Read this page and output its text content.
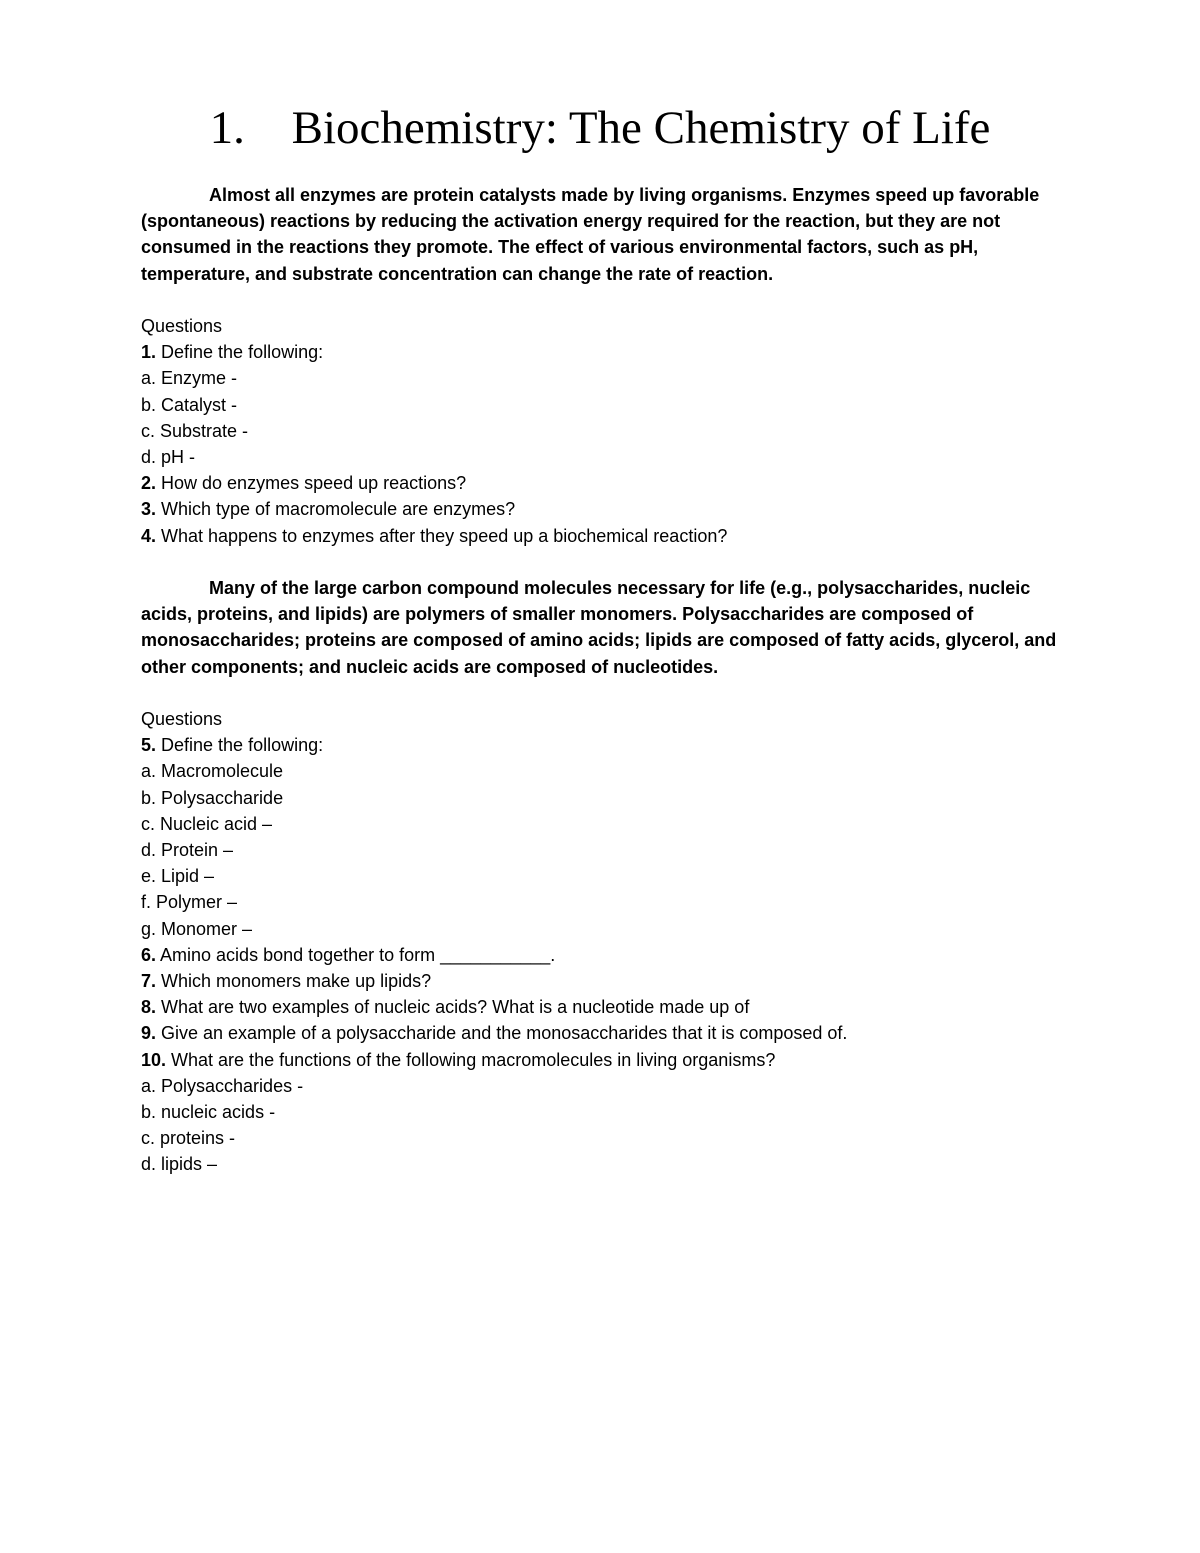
1. Biochemistry: The Chemistry of Life

Almost all enzymes are protein catalysts made by living organisms. Enzymes speed up favorable (spontaneous) reactions by reducing the activation energy required for the reaction, but they are not consumed in the reactions they promote. The effect of various environmental factors, such as pH, temperature, and substrate concentration can change the rate of reaction.

Questions
1. Define the following:
a. Enzyme -
b. Catalyst -
c. Substrate -
d. pH -
2. How do enzymes speed up reactions?
3. Which type of macromolecule are enzymes?
4. What happens to enzymes after they speed up a biochemical reaction?

Many of the large carbon compound molecules necessary for life (e.g., polysaccharides, nucleic acids, proteins, and lipids) are polymers of smaller monomers. Polysaccharides are composed of monosaccharides; proteins are composed of amino acids; lipids are composed of fatty acids, glycerol, and other components; and nucleic acids are composed of nucleotides.

Questions
5. Define the following:
a. Macromolecule
b. Polysaccharide
c. Nucleic acid –
d. Protein –
e. Lipid –
f. Polymer –
g. Monomer –
6. Amino acids bond together to form ___________.
7. Which monomers make up lipids?
8. What are two examples of nucleic acids? What is a nucleotide made up of
9. Give an example of a polysaccharide and the monosaccharides that it is composed of.
10. What are the functions of the following macromolecules in living organisms?
a. Polysaccharides -
b. nucleic acids -
c. proteins -
d. lipids –
